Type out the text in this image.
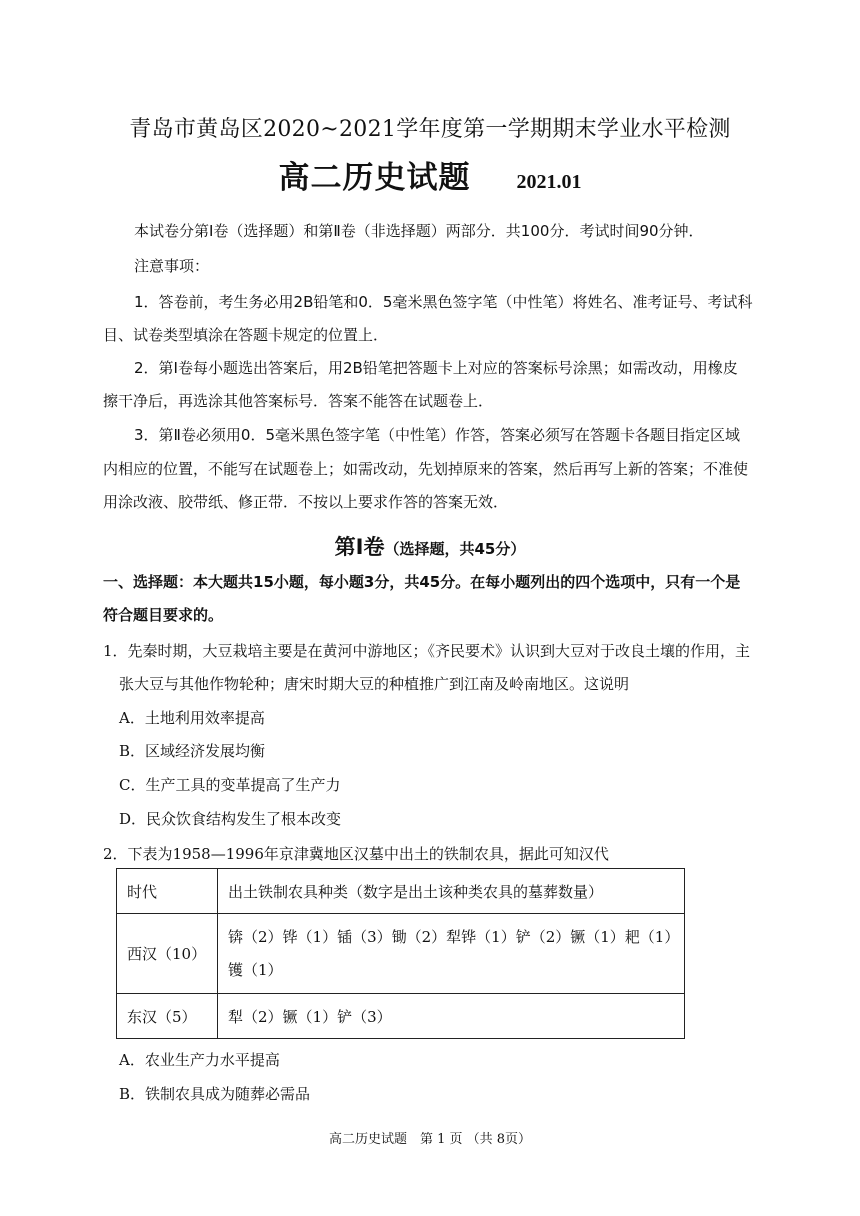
青岛市黄岛区2020~2021学年度第一学期期末学业水平检测
高二历史试题 2021.01
本试卷分第Ⅰ卷（选择题）和第Ⅱ卷（非选择题）两部分．共100分．考试时间90分钟．
注意事项：
1．答卷前，考生务必用2B铅笔和0．5毫米黑色签字笔（中性笔）将姓名、准考证号、考试科
目、试卷类型填涂在答题卡规定的位置上．
2．第Ⅰ卷每小题选出答案后，用2B铅笔把答题卡上对应的答案标号涂黑；如需改动，用橡皮
擦干净后，再选涂其他答案标号．答案不能答在试题卷上．
3．第Ⅱ卷必须用0．5毫米黑色签字笔（中性笔）作答，答案必须写在答题卡各题目指定区域
内相应的位置，不能写在试题卷上；如需改动，先划掉原来的答案，然后再写上新的答案；不准使
用涂改液、胶带纸、修正带．不按以上要求作答的答案无效．
第Ⅰ卷（选择题，共45分）
一、选择题：本大题共15小题，每小题3分，共45分。在每小题列出的四个选项中，只有一个是
符合题目要求的。
1．先秦时期，大豆栽培主要是在黄河中游地区；《齐民要术》认识到大豆对于改良土壤的作用，主
张大豆与其他作物轮种；唐宋时期大豆的种植推广到江南及岭南地区。这说明
A．土地利用效率提高
B．区域经济发展均衡
C．生产工具的变革提高了生产力
D．民众饮食结构发生了根本改变
2．下表为1958—1996年京津冀地区汉墓中出土的铁制农具，据此可知汉代
时代	出土铁制农具种类（数字是出土该种类农具的墓葬数量）
西汉（10）	锛（2）铧（1）锸（3）锄（2）犁铧（1）铲（2）镢（1）耙（1）
镬（1）

东汉（5）	犁（2）镢（1）铲（3）
A．农业生产力水平提高
B．铁制农具成为随葬必需品
高二历史试题　第 1 页 （共 8页）
